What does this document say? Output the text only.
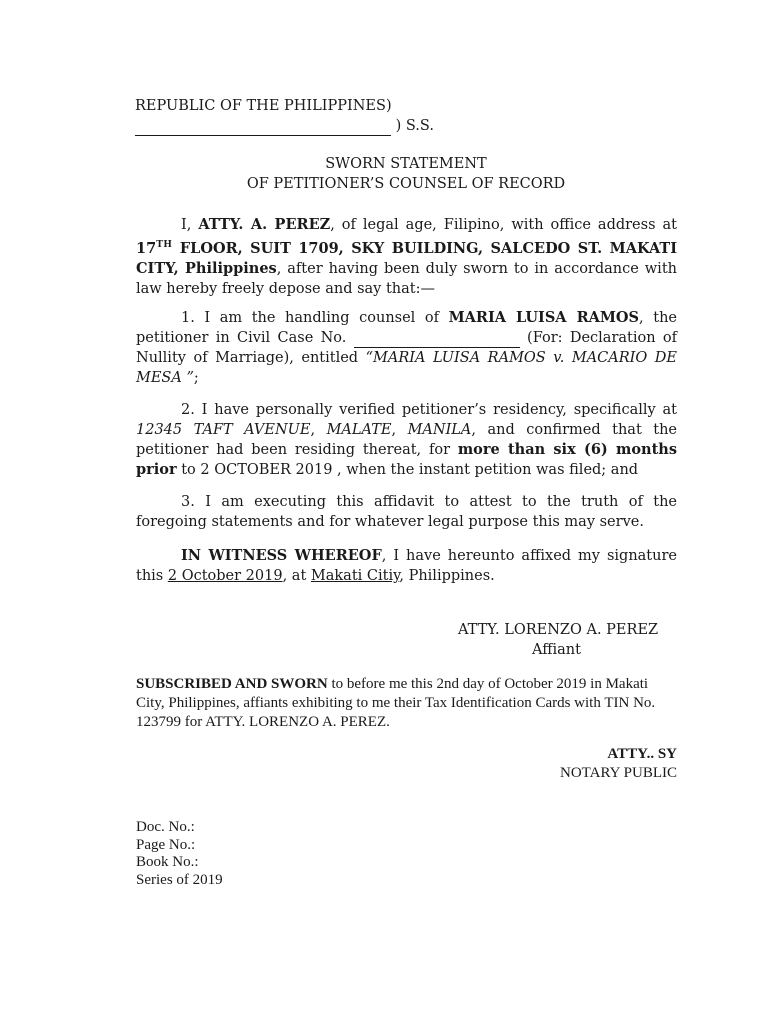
REPUBLIC OF THE PHILIPPINES)
) S.S.
SWORN STATEMENT
OF PETITIONER’S COUNSEL OF RECORD
I, ATTY. A. PEREZ, of legal age, Filipino, with office address at 17TH FLOOR, SUIT 1709, SKY BUILDING, SALCEDO ST. MAKATI CITY, Philippines, after having been duly sworn to in accordance with law hereby freely depose and say that:—
1. I am the handling counsel of MARIA LUISA RAMOS, the petitioner in Civil Case No.	(For: Declaration of Nullity of Marriage), entitled “MARIA LUISA RAMOS v. MACARIO DE MESA ”;
2. I have personally verified petitioner’s residency, specifically at 12345 TAFT AVENUE, MALATE, MANILA, and confirmed that the petitioner had been residing thereat, for more than six (6) months prior to 2 OCTOBER 2019 , when the instant petition was filed; and
3. I am executing this affidavit to attest to the truth of the foregoing statements and for whatever legal purpose this may serve.
IN WITNESS WHEREOF, I have hereunto affixed my signature this 2 October 2019, at Makati Citiy, Philippines.
ATTY. LORENZO A. PEREZ
Affiant
SUBSCRIBED AND SWORN to before me this 2nd day of October 2019 in Makati City, Philippines, affiants exhibiting to me their Tax Identification Cards with TIN No. 123799 for ATTY. LORENZO A. PEREZ.
ATTY.. SY
NOTARY PUBLIC
Doc. No.:
Page No.:
Book No.:
Series of 2019
